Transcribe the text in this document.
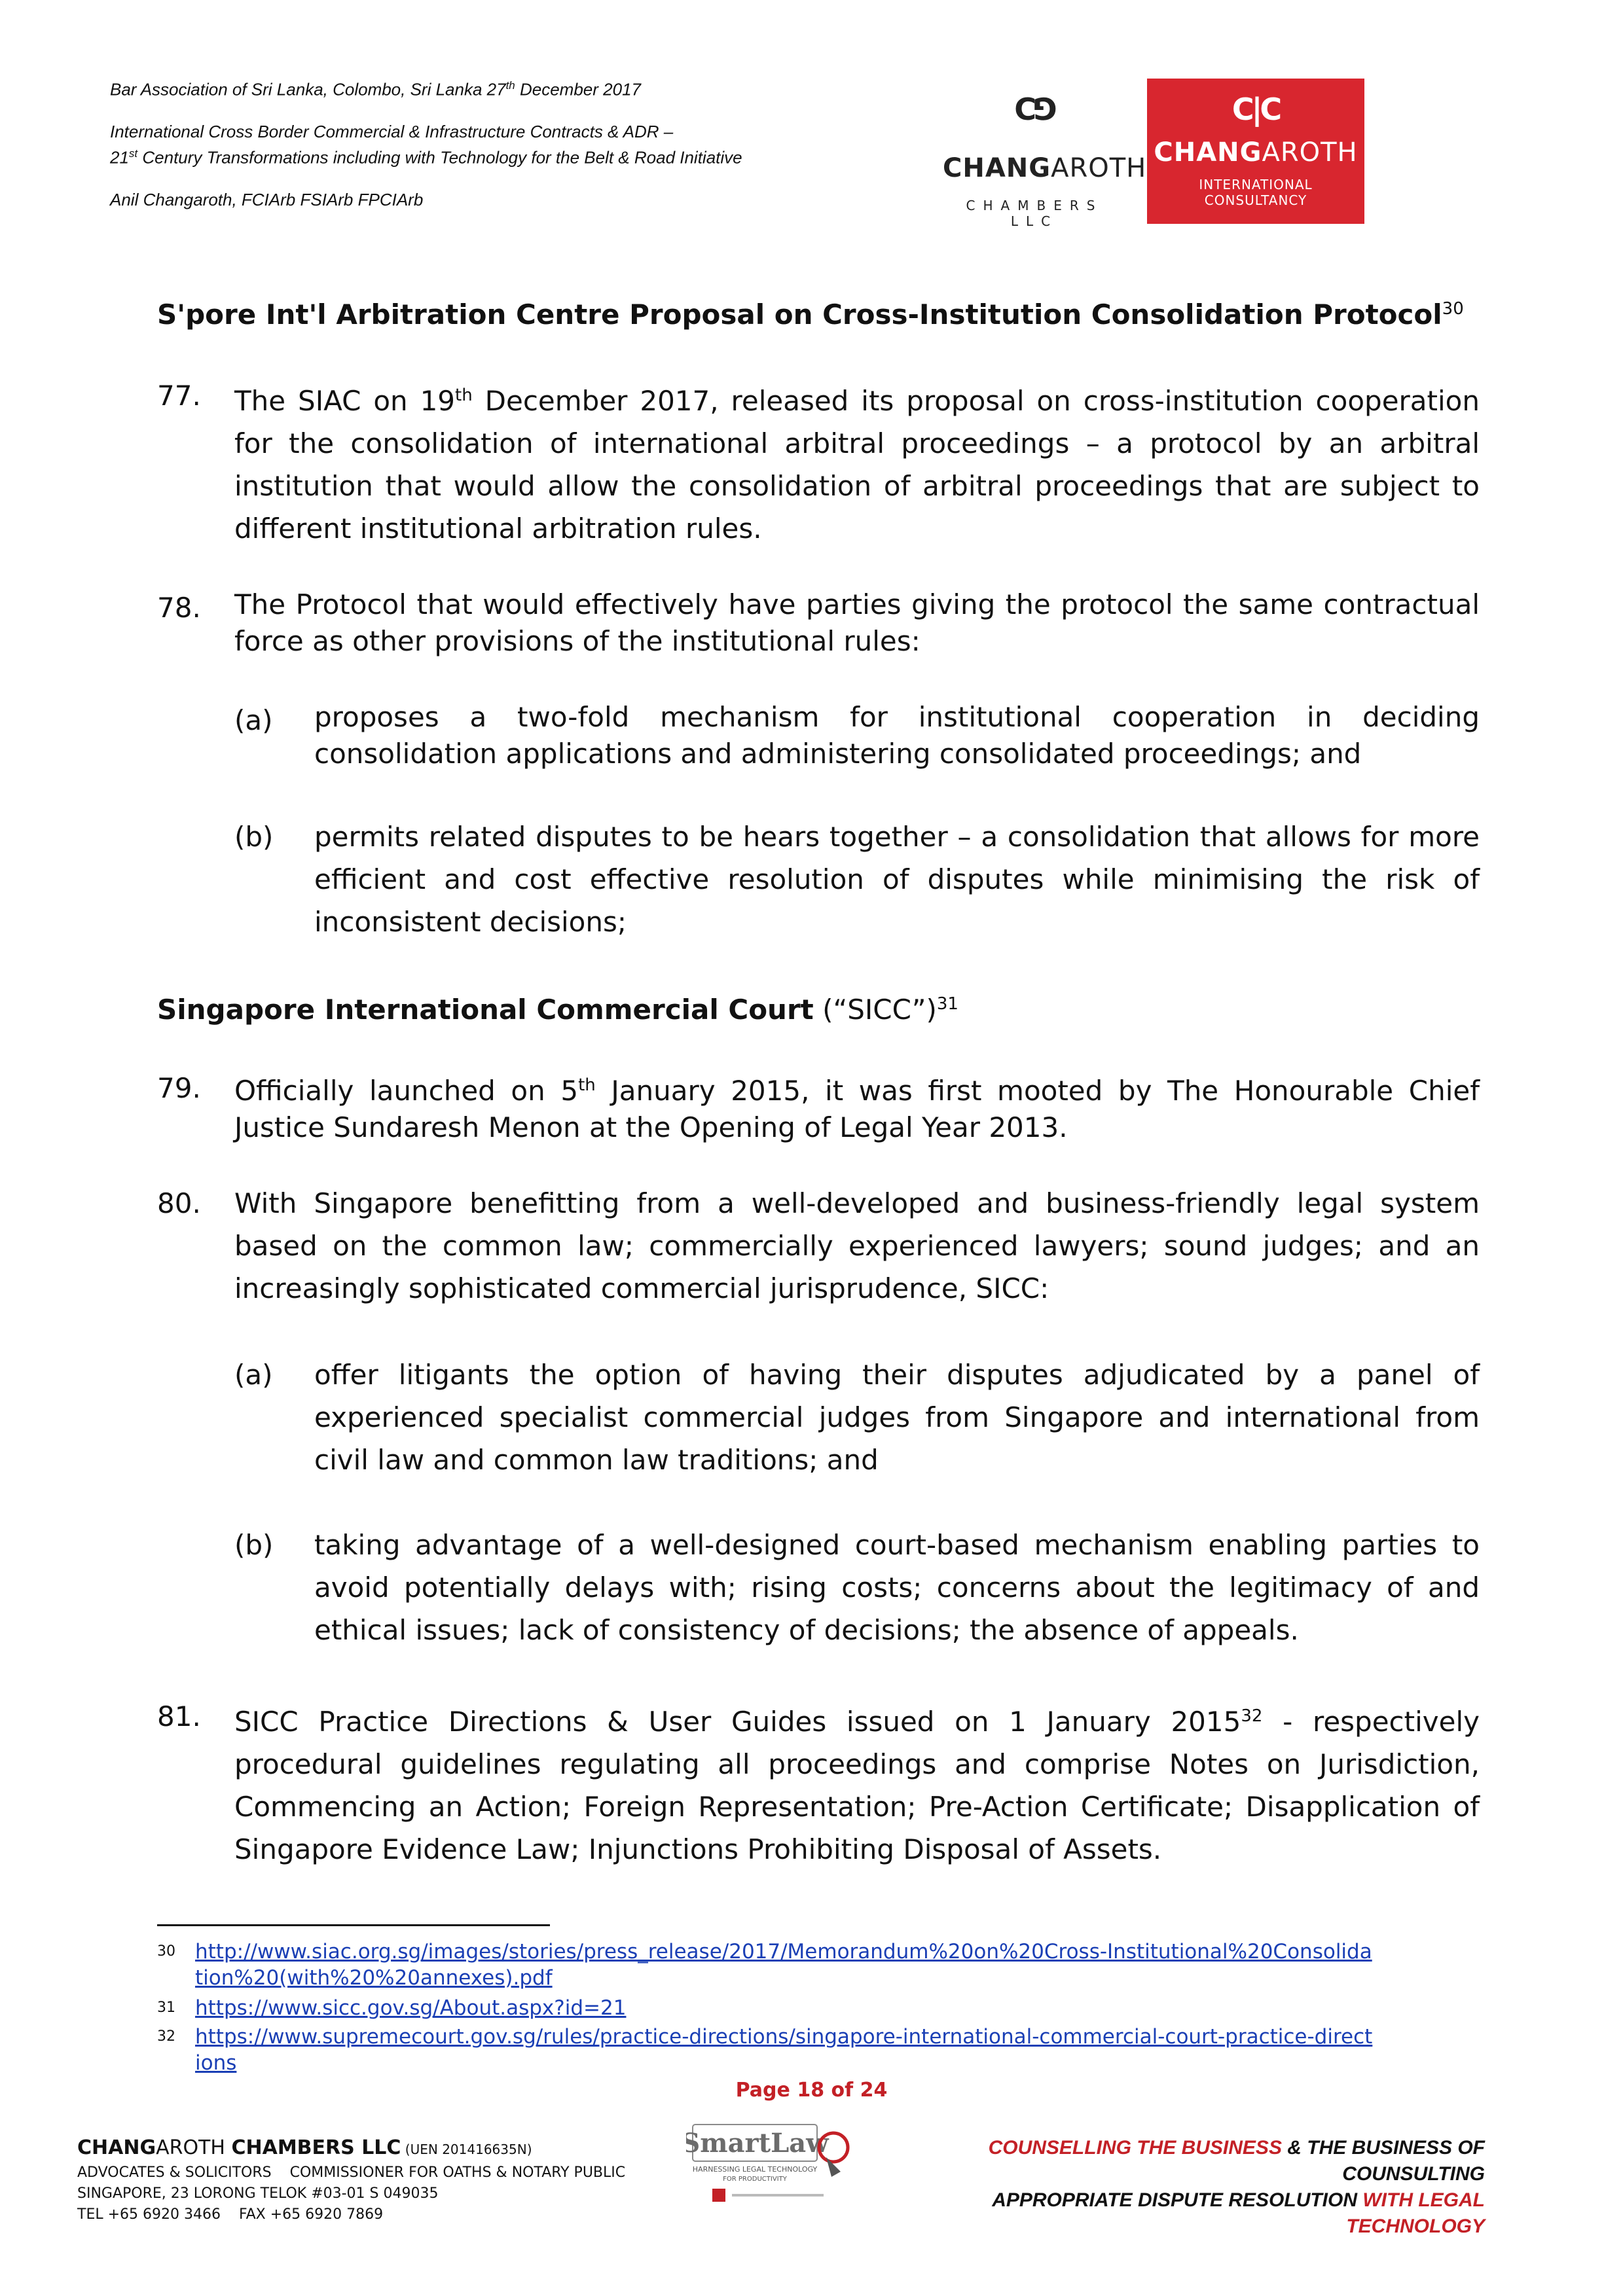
Bar Association of Sri Lanka, Colombo, Sri Lanka 27th December 2017
International Cross Border Commercial & Infrastructure Contracts & ADR –
21st Century Transformations including with Technology for the Belt & Road Initiative
Anil Changaroth, FCIArb FSIArb FPCIArb
C⅁
CHANGAROTH
CHAMBERS LLC
C|C
CHANGAROTH
INTERNATIONAL CONSULTANCY
S'pore Int'l Arbitration Centre Proposal on Cross-Institution Consolidation Protocol$^{30}$
77. The SIAC on 19th December 2017, released its proposal on cross-institution cooperation for the consolidation of international arbitral proceedings – a protocol by an arbitral institution that would allow the consolidation of arbitral proceedings that are subject to different institutional arbitration rules.
78. The Protocol that would effectively have parties giving the protocol the same contractual force as other provisions of the institutional rules:
(a) proposes a two-fold mechanism for institutional cooperation in deciding consolidation applications and administering consolidated proceedings; and
(b) permits related disputes to be hears together – a consolidation that allows for more efficient and cost effective resolution of disputes while minimising the risk of inconsistent decisions;
Singapore International Commercial Court (“SICC”)$^{31}$
79. Officially launched on 5th January 2015, it was first mooted by The Honourable Chief Justice Sundaresh Menon at the Opening of Legal Year 2013.
80. With Singapore benefitting from a well-developed and business-friendly legal system based on the common law; commercially experienced lawyers; sound judges; and an increasingly sophisticated commercial jurisprudence, SICC:
(a) offer litigants the option of having their disputes adjudicated by a panel of experienced specialist commercial judges from Singapore and international from civil law and common law traditions; and
(b) taking advantage of a well-designed court-based mechanism enabling parties to avoid potentially delays with; rising costs; concerns about the legitimacy of and ethical issues; lack of consistency of decisions; the absence of appeals.
81. SICC Practice Directions & User Guides issued on 1 January 2015$^{32}$ - respectively procedural guidelines regulating all proceedings and comprise Notes on Jurisdiction, Commencing an Action; Foreign Representation; Pre-Action Certificate; Disapplication of Singapore Evidence Law; Injunctions Prohibiting Disposal of Assets.
30 http://www.siac.org.sg/images/stories/press_release/2017/Memorandum%20on%20Cross-Institutional%20Consolidation%20(with%20%20annexes).pdf
31 https://www.sicc.gov.sg/About.aspx?id=21
32 https://www.supremecourt.gov.sg/rules/practice-directions/singapore-international-commercial-court-practice-directions
Page 18 of 24
CHANGAROTH CHAMBERS LLC (UEN 201416635N)
ADVOCATES & SOLICITORS    COMMISSIONER FOR OATHS & NOTARY PUBLIC
SINGAPORE, 23 LORONG TELOK #03-01 S 049035
TEL +65 6920 3466    FAX +65 6920 7869
SmartLaw
HARNESSING LEGAL TECHNOLOGY
FOR PRODUCTIVITY
COUNSELLING THE BUSINESS & THE BUSINESS OF COUNSULTING
APPROPRIATE DISPUTE RESOLUTION WITH LEGAL TECHNOLOGY
